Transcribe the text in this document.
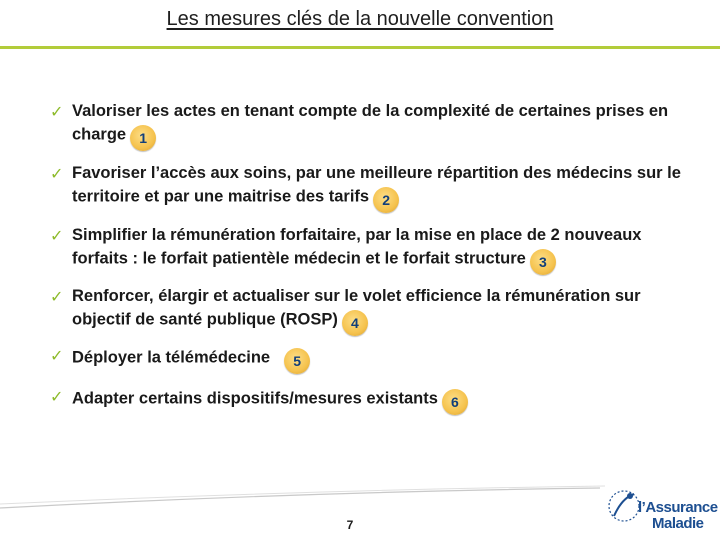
Les mesures clés de la nouvelle convention
✓ Valoriser les actes en tenant compte de la complexité de certaines prises en charge 1
✓ Favoriser l’accès aux soins, par une meilleure répartition des médecins sur le territoire et par une maitrise des tarifs 2
✓ Simplifier la rémunération forfaitaire, par la mise en place de 2 nouveaux forfaits : le forfait patientèle médecin et le forfait structure 3
✓ Renforcer, élargir et actualiser sur le volet efficience la rémunération sur objectif de santé publique (ROSP) 4
✓ Déployer la télémédecine 5
✓ Adapter certains dispositifs/mesures existants 6
7
l’Assurance
Maladie
